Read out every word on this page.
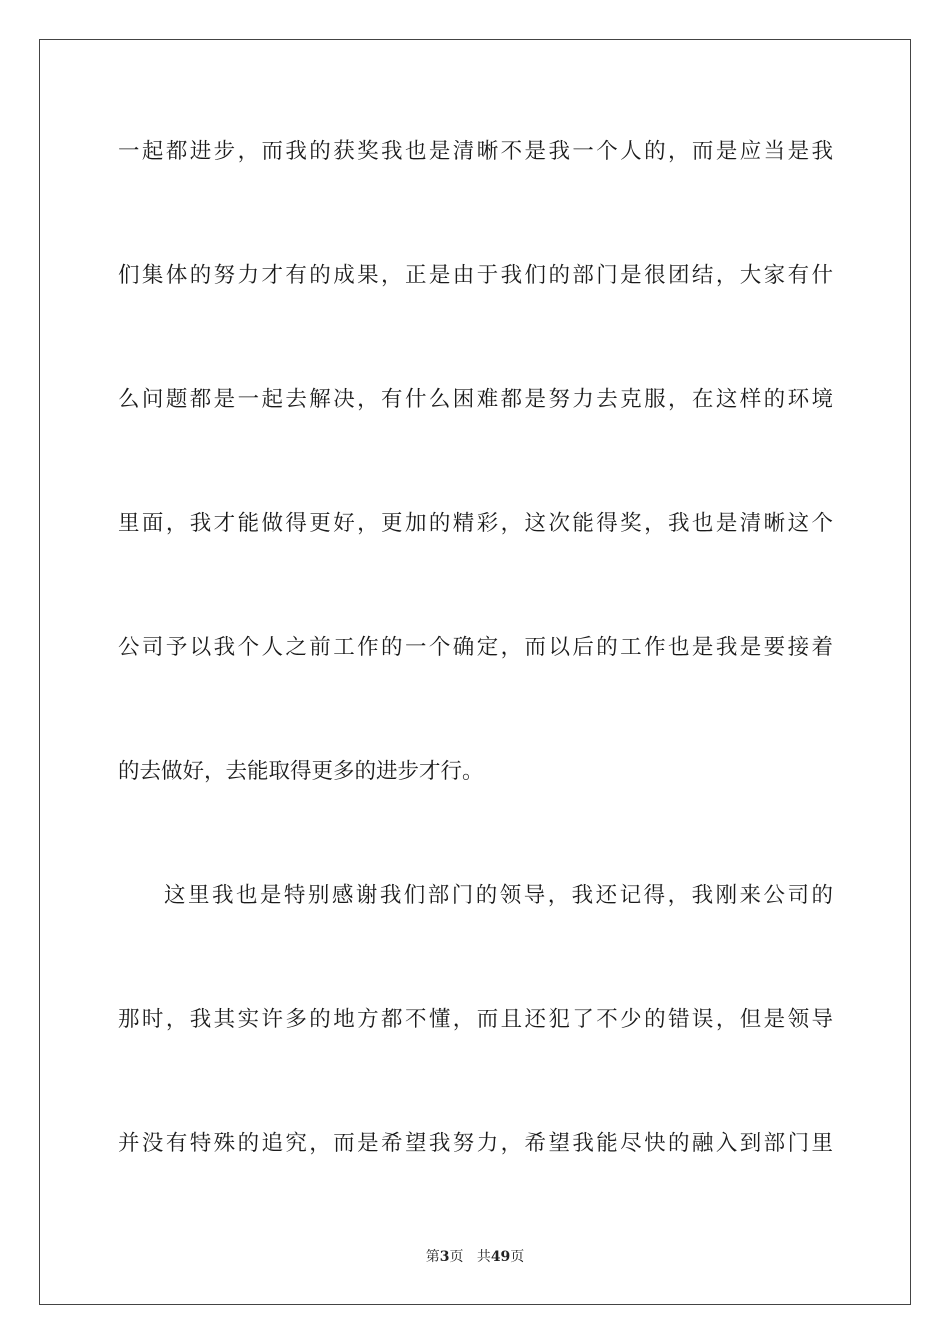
一起都进步，而我的获奖我也是清晰不是我一个人的，而是应当是我
们集体的努力才有的成果，正是由于我们的部门是很团结，大家有什
么问题都是一起去解决，有什么困难都是努力去克服，在这样的环境
里面，我才能做得更好，更加的精彩，这次能得奖，我也是清晰这个
公司予以我个人之前工作的一个确定，而以后的工作也是我是要接着
的去做好，去能取得更多的进步才行。
这里我也是特别感谢我们部门的领导，我还记得，我刚来公司的
那时，我其实许多的地方都不懂，而且还犯了不少的错误，但是领导
并没有特殊的追究，而是希望我努力，希望我能尽快的融入到部门里
第3页 共49页
